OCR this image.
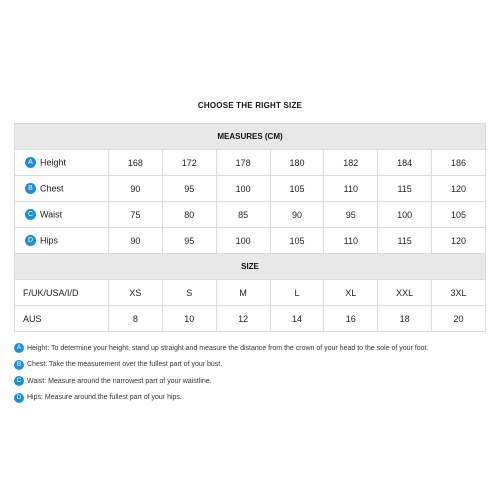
CHOOSE THE RIGHT SIZE
MEASURES (CM)							
A Height	168	172	178	180	182	184	186
B Chest	90	95	100	105	110	115	120
C Waist	75	80	85	90	95	100	105
D Hips	90	95	100	105	110	115	120
SIZE							
F/UK/USA/I/D	XS	S	M	L	XL	XXL	3XL
AUS	8	10	12	14	16	18	20
A Height: To determine your height, stand up straight and measure the distance from the crown of your head to the sole of your foot.
B Chest: Take the measurement over the fullest part of your bust.
C Waist: Measure around the narrowest part of your waistline.
D Hips: Measure around the fullest part of your hips.
